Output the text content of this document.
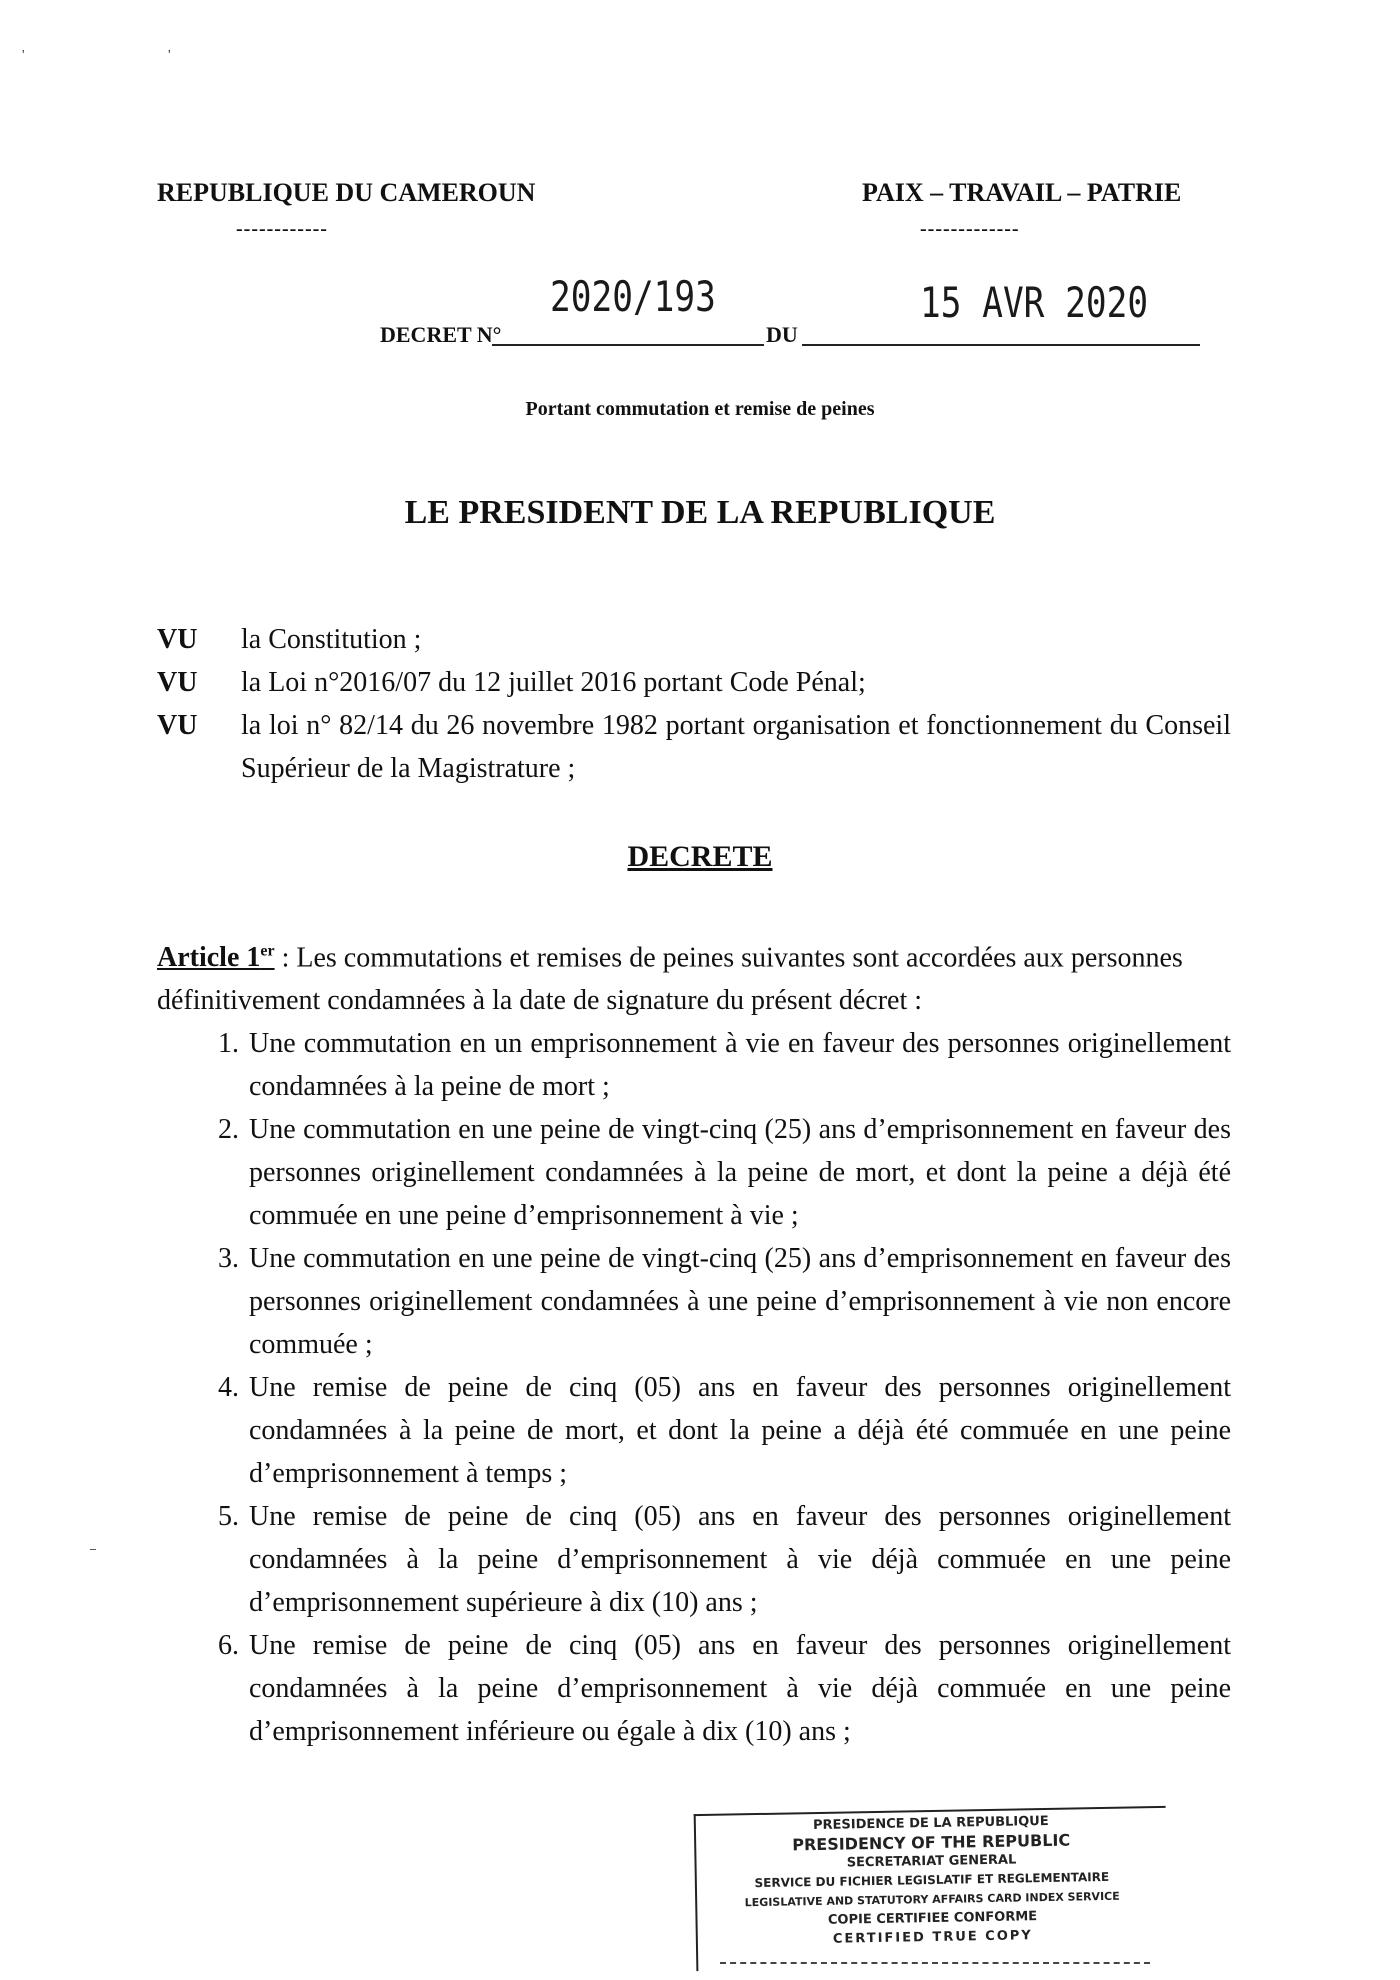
' '
REPUBLIQUE DU CAMEROUN
------------
PAIX – TRAVAIL – PATRIE
-------------
DECRET N°
2020/193
DU
15 AVR 2020
Portant commutation et remise de peines
LE PRESIDENT DE LA REPUBLIQUE
VU	la Constitution ;
VU	la Loi n°2016/07 du 12 juillet 2016 portant Code Pénal;
VU	la loi n° 82/14 du 26 novembre 1982 portant organisation et fonctionnement du Conseil Supérieur de la Magistrature ;
DECRETE
Article 1er : Les commutations et remises de peines suivantes sont accordées aux personnes définitivement condamnées à la date de signature du présent décret :
1. Une commutation en un emprisonnement à vie en faveur des personnes originellement condamnées à la peine de mort ;
2. Une commutation en une peine de vingt-cinq (25) ans d’emprisonnement en faveur des personnes originellement condamnées à la peine de mort, et dont la peine a déjà été commuée en une peine d’emprisonnement à vie ;
3. Une commutation en une peine de vingt-cinq (25) ans d’emprisonnement en faveur des personnes originellement condamnées à une peine d’emprisonnement à vie non encore commuée ;
4. Une remise de peine de cinq (05) ans en faveur des personnes originellement condamnées à la peine de mort, et dont la peine a déjà été commuée en une peine d’emprisonnement à temps ;
5. Une remise de peine de cinq (05) ans en faveur des personnes originellement condamnées à la peine d’emprisonnement à vie déjà commuée en une peine d’emprisonnement supérieure à dix (10) ans ;
6. Une remise de peine de cinq (05) ans en faveur des personnes originellement condamnées à la peine d’emprisonnement à vie déjà commuée en une peine d’emprisonnement inférieure ou égale à dix (10) ans ;
PRESIDENCE DE LA REPUBLIQUE
PRESIDENCY OF THE REPUBLIC
SECRETARIAT GENERAL
SERVICE DU FICHIER LEGISLATIF ET REGLEMENTAIRE
LEGISLATIVE AND STATUTORY AFFAIRS CARD INDEX SERVICE
COPIE CERTIFIEE CONFORME
CERTIFIED TRUE COPY
